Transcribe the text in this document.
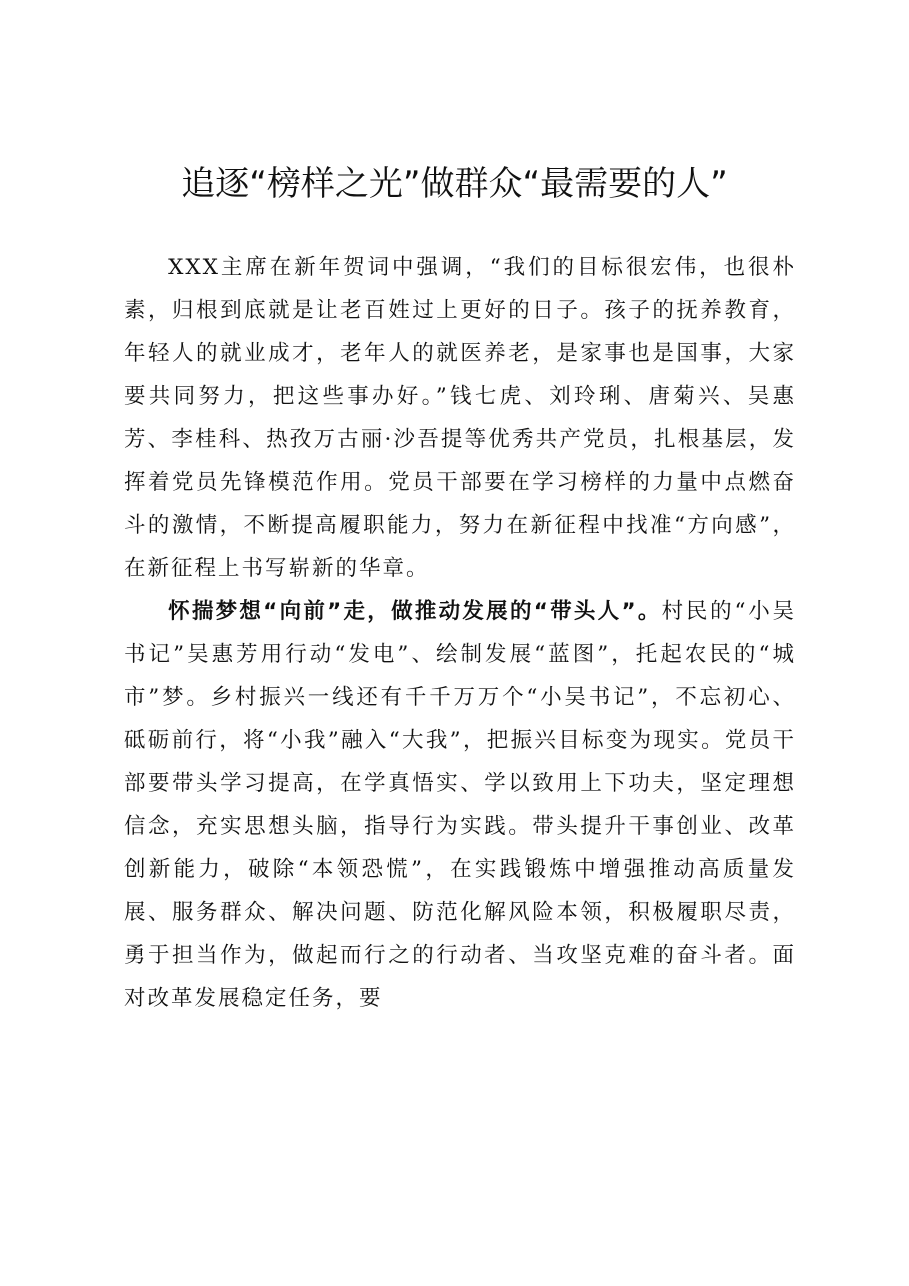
追逐“榜样之光”做群众“最需要的人”

XXX主席在新年贺词中强调，“我们的目标很宏伟，也很朴素，归根到底就是让老百姓过上更好的日子。孩子的抚养教育，年轻人的就业成才，老年人的就医养老，是家事也是国事，大家要共同努力，把这些事办好。”钱七虎、刘玲琍、唐菊兴、吴惠芳、李桂科、热孜万古丽·沙吾提等优秀共产党员，扎根基层，发挥着党员先锋模范作用。党员干部要在学习榜样的力量中点燃奋斗的激情，不断提高履职能力，努力在新征程中找准“方向感”，在新征程上书写崭新的华章。

怀揣梦想“向前”走，做推动发展的“带头人”。村民的“小吴书记”吴惠芳用行动“发电”、绘制发展“蓝图”，托起农民的“城市”梦。乡村振兴一线还有千千万万个“小吴书记”，不忘初心、砥砺前行，将“小我”融入“大我”，把振兴目标变为现实。党员干部要带头学习提高，在学真悟实、学以致用上下功夫，坚定理想信念，充实思想头脑，指导行为实践。带头提升干事创业、改革创新能力，破除“本领恐慌”，在实践锻炼中增强推动高质量发展、服务群众、解决问题、防范化解风险本领，积极履职尽责，勇于担当作为，做起而行之的行动者、当攻坚克难的奋斗者。面对改革发展稳定任务，要
